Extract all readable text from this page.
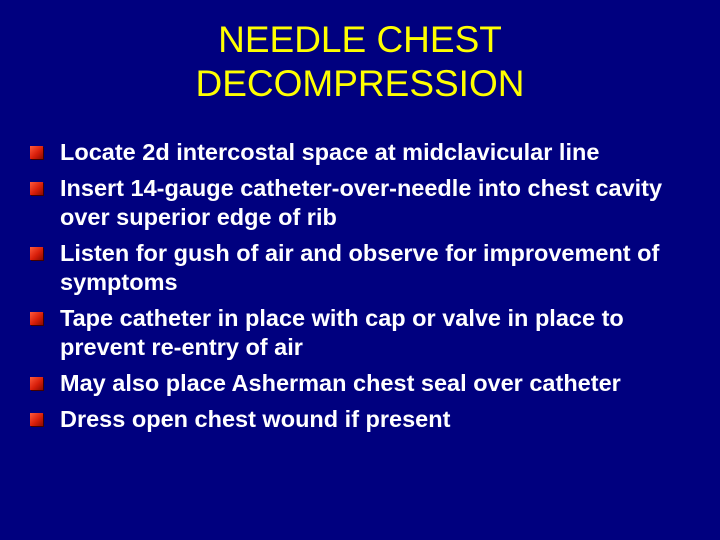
NEEDLE CHEST
DECOMPRESSION
Locate 2d intercostal space at midclavicular line
Insert 14-gauge catheter-over-needle into chest cavity over superior edge of rib
Listen for gush of air and observe for improvement of symptoms
Tape catheter in place with cap or valve in place to prevent re-entry of air
May also place Asherman chest seal over catheter
Dress open chest wound if present
